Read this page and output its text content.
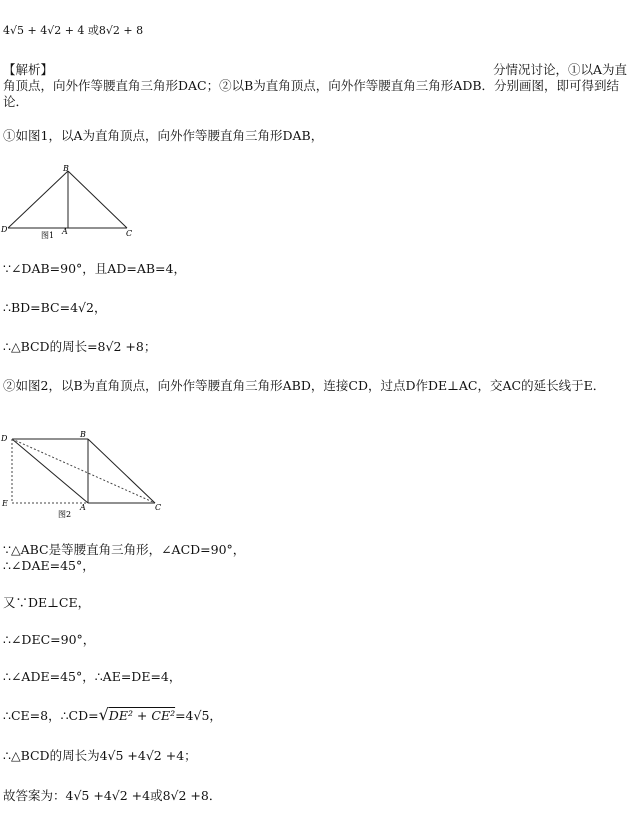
4√5 + 4√2 + 4 或8√2 + 8
【解析】	分情况讨论，①以A为直
角顶点，向外作等腰直角三角形DAC；②以B为直角顶点，向外作等腰直角三角形ADB．分别画图，即可得到结论．
①如图1，以A为直角顶点，向外作等腰直角三角形DAB，
B
D	A	C
图1
∵∠DAB=90°，且AD=AB=4，
∴BD=BC=4√2，
∴△BCD的周长=8√2 +8；
②如图2，以B为直角顶点，向外作等腰直角三角形ABD，连接CD，过点D作DE⊥AC，交AC的延长线于E．
D	B
E	A	C
图2
∵△ABC是等腰直角三角形，∠ACD=90°，
∴∠DAE=45°，
又∵DE⊥CE，
∴∠DEC=90°，
∴∠ADE=45°，∴AE=DE=4，
∴CE=8，∴CD=√DE² + CE²=4√5，
∴△BCD的周长为4√5 +4√2 +4；
故答案为：4√5 +4√2 +4或8√2 +8．
